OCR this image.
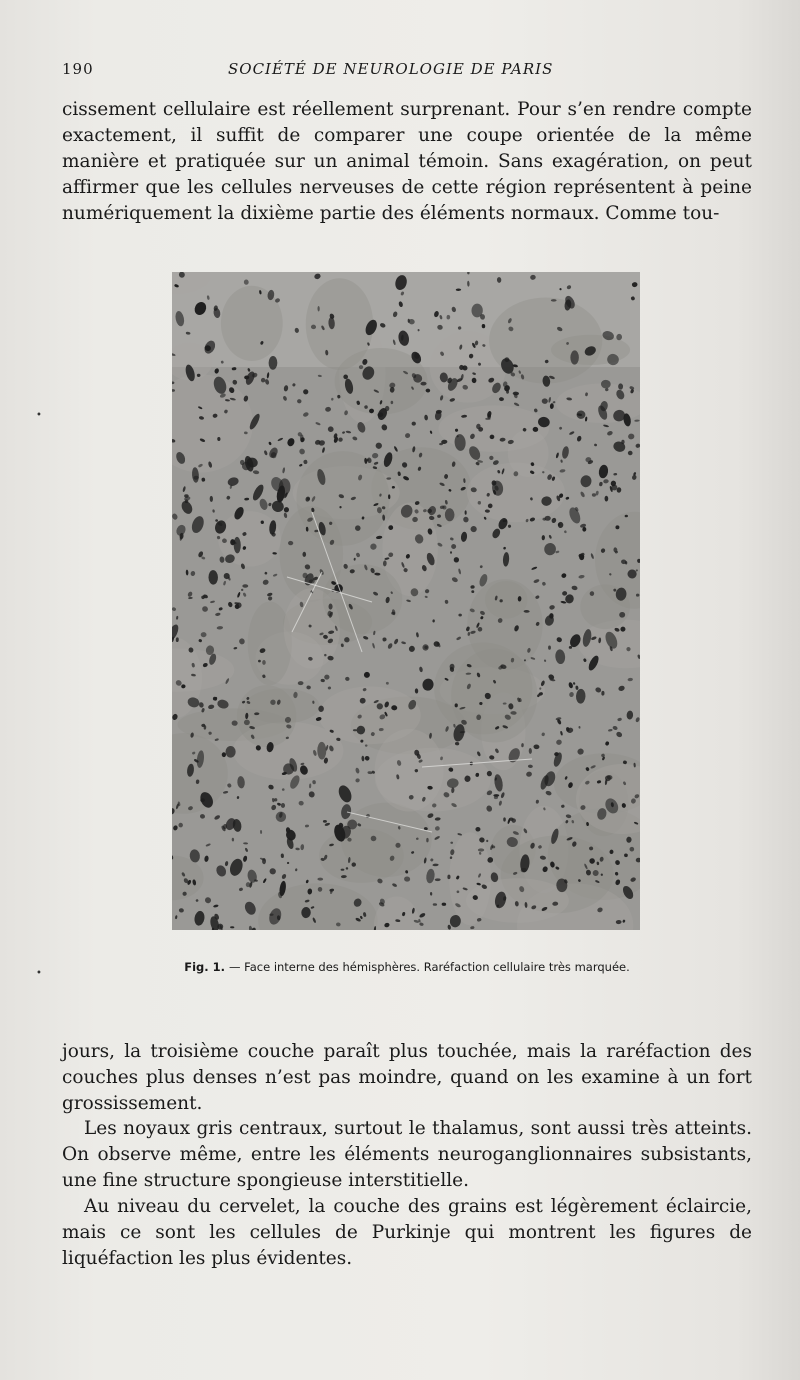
190	SOCIÉTÉ DE NEUROLOGIE DE PARIS

cissement cellulaire est réellement surprenant. Pour s’en rendre compte exactement, il suffit de comparer une coupe orientée de la même manière et pratiquée sur un animal témoin. Sans exagération, on peut affirmer que les cellules nerveuses de cette région représentent à peine numériquement la dixième partie des éléments normaux. Comme tou-

Fig. 1. — Face interne des hémisphères. Raréfaction cellulaire très marquée.
•
•

jours, la troisième couche paraît plus touchée, mais la raréfaction des couches plus denses n’est pas moindre, quand on les examine à un fort grossissement.

Les noyaux gris centraux, surtout le thalamus, sont aussi très atteints. On observe même, entre les éléments neuroganglionnaires subsistants, une fine structure spongieuse interstitielle.

Au niveau du cervelet, la couche des grains est légèrement éclaircie, mais ce sont les cellules de Purkinje qui montrent les figures de liquéfaction les plus évidentes.
